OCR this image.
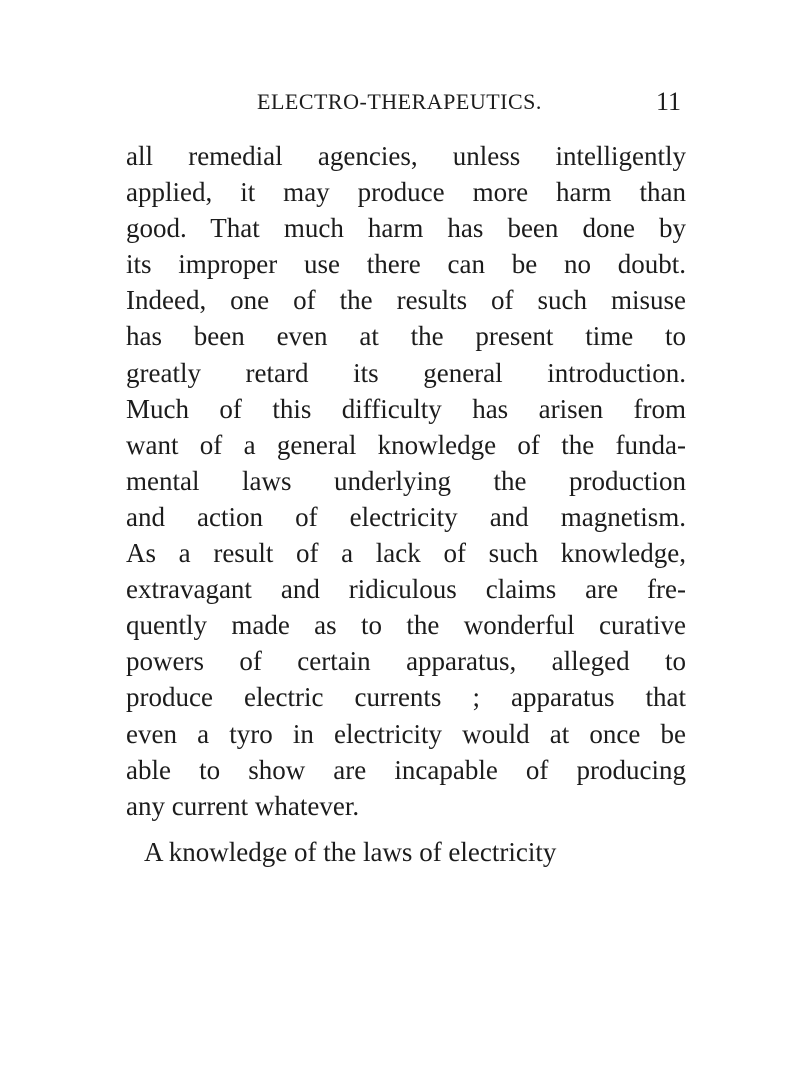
ELECTRO-THERAPEUTICS.	11
all remedial agencies, unless intelligently
applied, it may produce more harm than
good. That much harm has been done by
its improper use there can be no doubt.
Indeed, one of the results of such misuse
has been even at the present time to
greatly retard its general introduction.
Much of this difficulty has arisen from
want of a general knowledge of the funda-
mental laws underlying the production
and action of electricity and magnetism.
As a result of a lack of such knowledge,
extravagant and ridiculous claims are fre-
quently made as to the wonderful curative
powers of certain apparatus, alleged to
produce electric currents ; apparatus that
even a tyro in electricity would at once be
able to show are incapable of producing
any current whatever.
A knowledge of the laws of electricity
